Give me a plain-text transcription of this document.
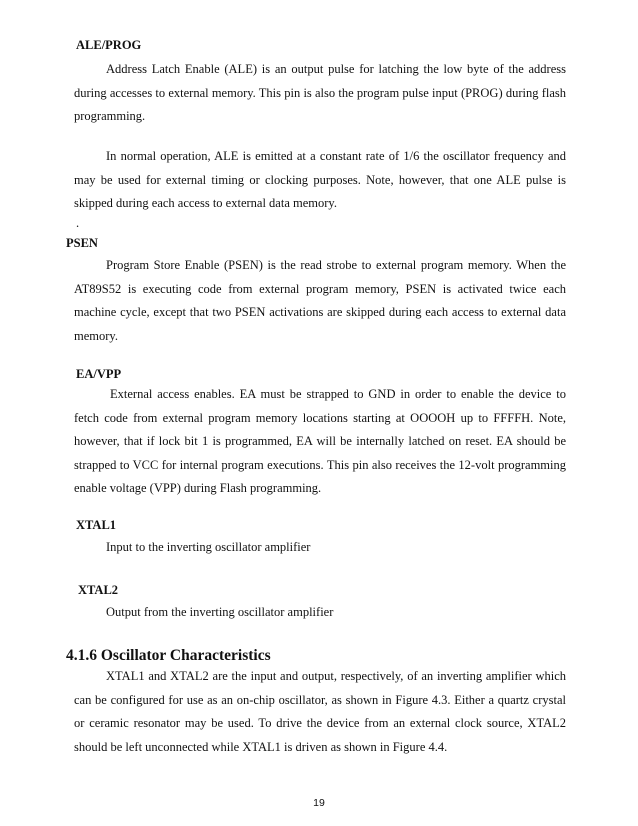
ALE/PROG
Address Latch Enable (ALE) is an output pulse for latching the low byte of the address during accesses to external memory. This pin is also the program pulse input (PROG) during flash programming.
In normal operation, ALE is emitted at a constant rate of 1/6 the oscillator frequency and may be used for external timing or clocking purposes. Note, however, that one ALE pulse is skipped during each access to external data memory.
.
PSEN
Program Store Enable (PSEN) is the read strobe to external program memory. When the AT89S52 is executing code from external program memory, PSEN is activated twice each machine cycle, except that two PSEN activations are skipped during each access to external data memory.
EA/VPP
External access enables. EA must be strapped to GND in order to enable the device to fetch code from external program memory locations starting at OOOOH up to FFFFH. Note, however, that if lock bit 1 is programmed, EA will be internally latched on reset. EA should be strapped to VCC for internal program executions. This pin also receives the 12-volt programming enable voltage (VPP) during Flash programming.
XTAL1
Input to the inverting oscillator amplifier
XTAL2
Output from the inverting oscillator amplifier
4.1.6 Oscillator Characteristics
XTAL1 and XTAL2 are the input and output, respectively, of an inverting amplifier which can be configured for use as an on-chip oscillator, as shown in Figure 4.3. Either a quartz crystal or ceramic resonator may be used. To drive the device from an external clock source, XTAL2 should be left unconnected while XTAL1 is driven as shown in Figure 4.4.
19
